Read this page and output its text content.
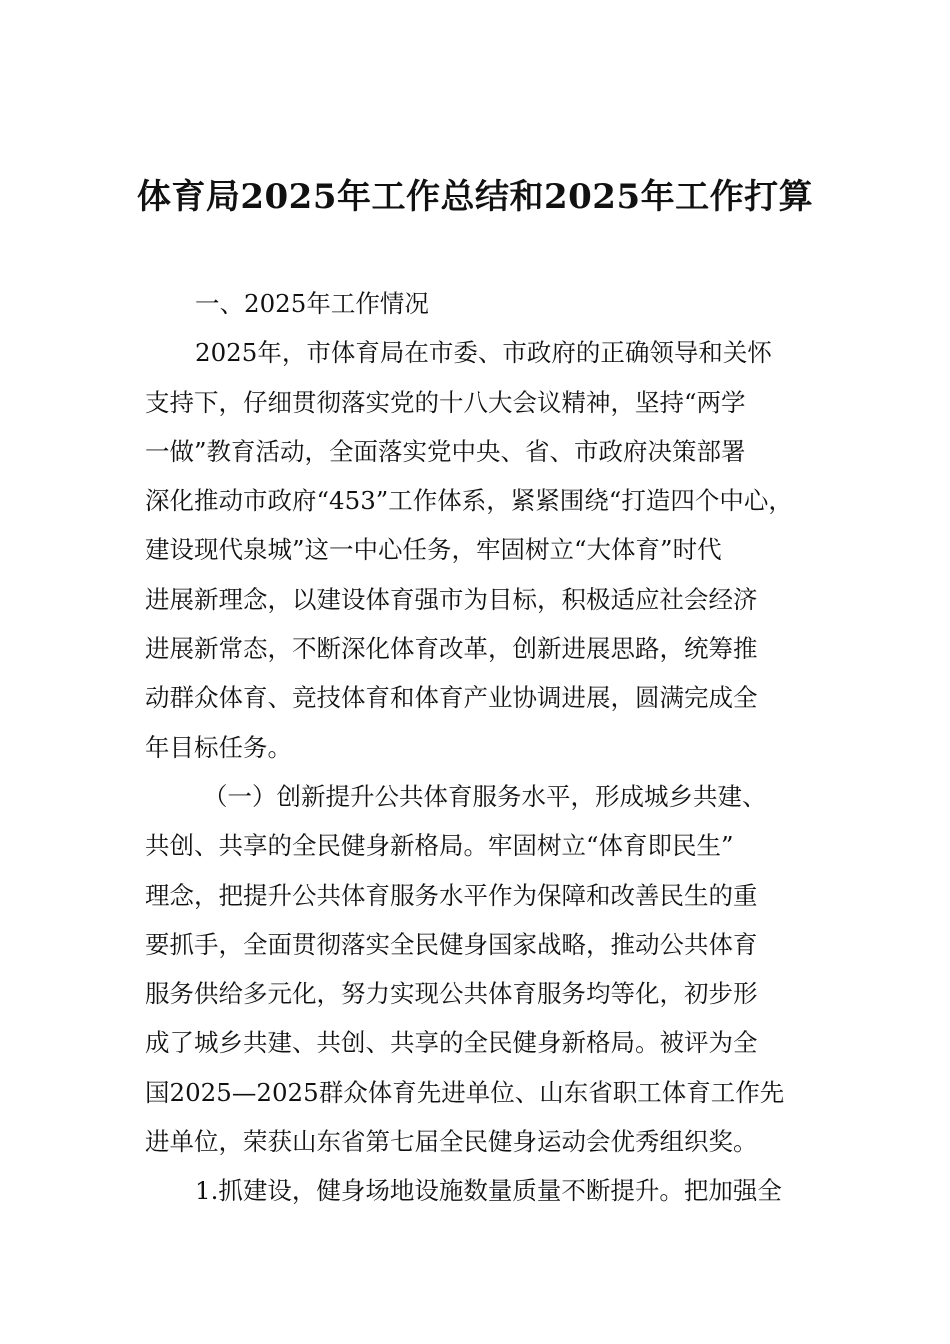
体育局2025年工作总结和2025年工作打算
一、2025年工作情况
2025年，市体育局在市委、市政府的正确领导和关怀
支持下，仔细贯彻落实党的十八大会议精神，坚持“两学
一做”教育活动，全面落实党中央、省、市政府决策部署
深化推动市政府“453”工作体系，紧紧围绕“打造四个中心，
建设现代泉城”这一中心任务，牢固树立“大体育”时代
进展新理念，以建设体育强市为目标，积极适应社会经济
进展新常态，不断深化体育改革，创新进展思路，统筹推
动群众体育、竞技体育和体育产业协调进展，圆满完成全
年目标任务。
（一）创新提升公共体育服务水平，形成城乡共建、
共创、共享的全民健身新格局。牢固树立“体育即民生”
理念，把提升公共体育服务水平作为保障和改善民生的重
要抓手，全面贯彻落实全民健身国家战略，推动公共体育
服务供给多元化，努力实现公共体育服务均等化，初步形
成了城乡共建、共创、共享的全民健身新格局。被评为全
国2025—2025群众体育先进单位、山东省职工体育工作先
进单位，荣获山东省第七届全民健身运动会优秀组织奖。
1.抓建设，健身场地设施数量质量不断提升。把加强全
